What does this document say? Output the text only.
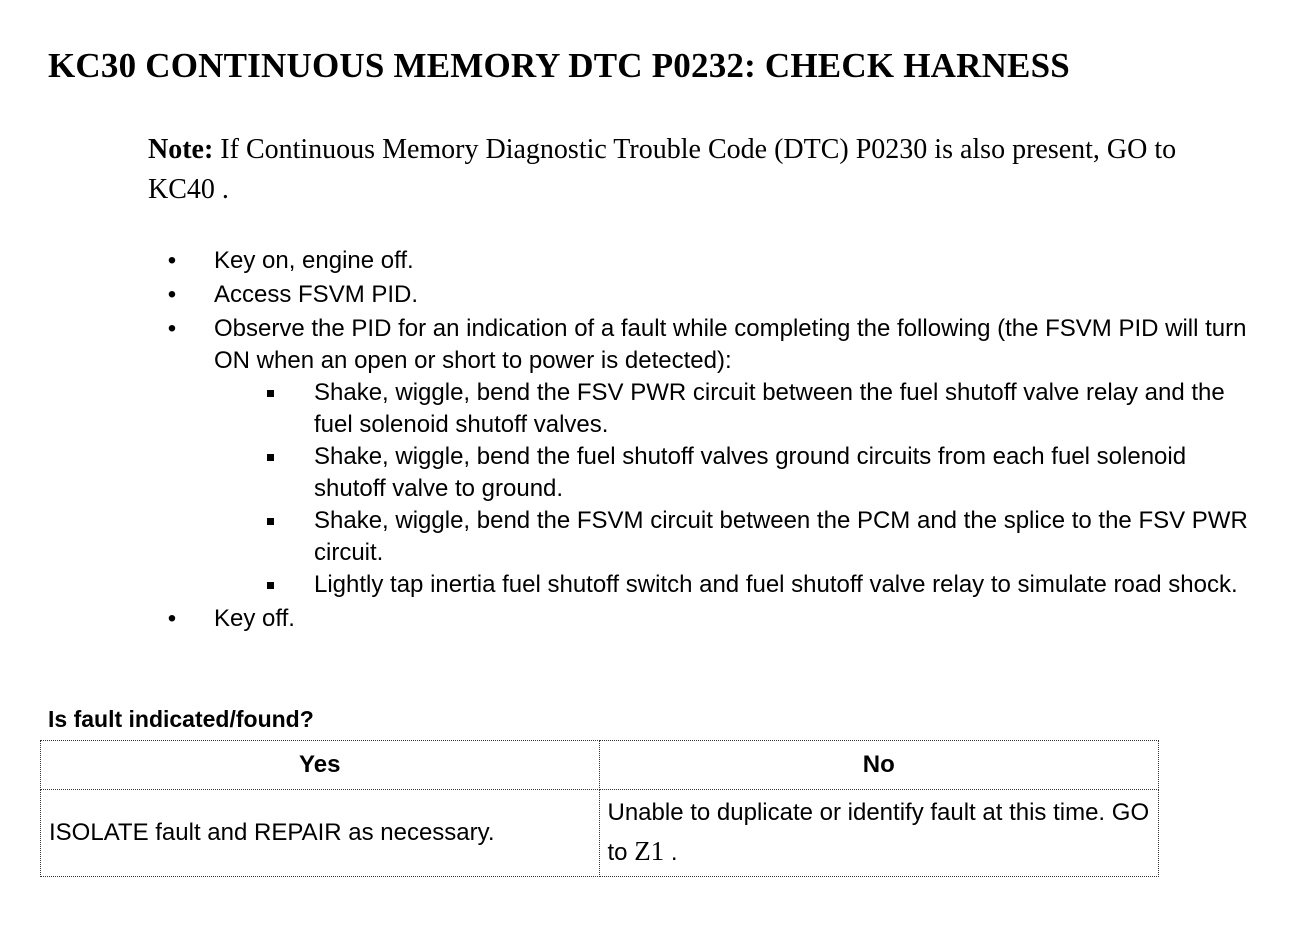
KC30 CONTINUOUS MEMORY DTC P0232: CHECK HARNESS

Note: If Continuous Memory Diagnostic Trouble Code (DTC) P0230 is also present, GO to KC40 .

• Key on, engine off.
• Access FSVM PID.
• Observe the PID for an indication of a fault while completing the following (the FSVM PID will turn ON when an open or short to power is detected):
Shake, wiggle, bend the FSV PWR circuit between the fuel shutoff valve relay and the fuel solenoid shutoff valves.
Shake, wiggle, bend the fuel shutoff valves ground circuits from each fuel solenoid shutoff valve to ground.
Shake, wiggle, bend the FSVM circuit between the PCM and the splice to the FSV PWR circuit.
Lightly tap inertia fuel shutoff switch and fuel shutoff valve relay to simulate road shock.
• Key off.

Is fault indicated/found?

Yes	No
ISOLATE fault and REPAIR as necessary.	Unable to duplicate or identify fault at this time. GO to Z1 .
